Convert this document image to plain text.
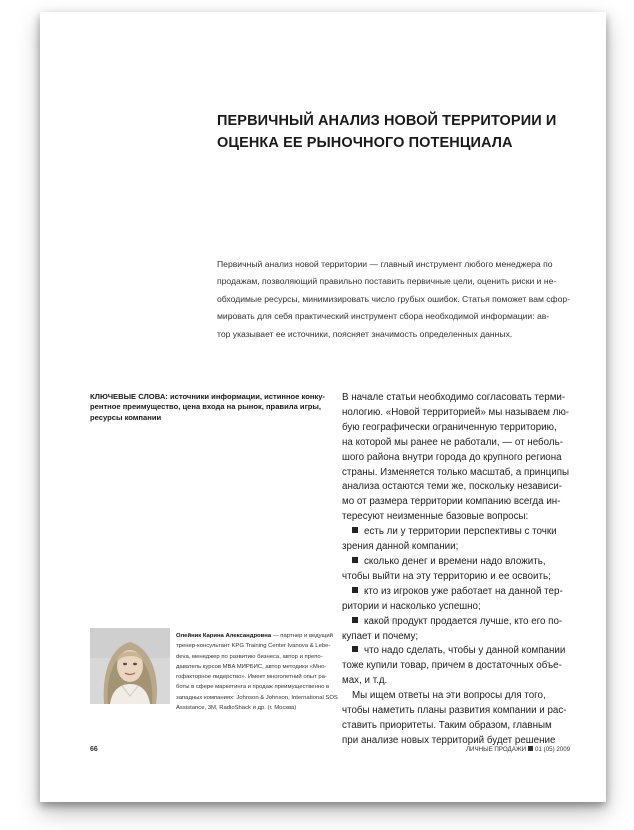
ПЕРВИЧНЫЙ АНАЛИЗ НОВОЙ ТЕРРИТОРИИ И
ОЦЕНКА ЕЕ РЫНОЧНОГО ПОТЕНЦИАЛА
Первичный анализ новой территории — главный инструмент любого менеджера по
продажам, позволяющий правильно поставить первичные цели, оценить риски и не-
обходимые ресурсы, минимизировать число грубых ошибок. Статья поможет вам сфор-
мировать для себя практический инструмент сбора необходимой информации: ав-
тор указывает ее источники, поясняет значимость определенных данных.
КЛЮЧЕВЫЕ СЛОВА: источники информации, истинное конку-
рентное преимущество, цена входа на рынок, правила игры,
ресурсы компании
В начале статьи необходимо согласовать терми-
нологию. «Новой территорией» мы называем лю-
бую географически ограниченную территорию,
на которой мы ранее не работали, — от неболь-
шого района внутри города до крупного региона
страны. Изменяется только масштаб, а принципы
анализа остаются теми же, поскольку независи-
мо от размера территории компанию всегда ин-
тересуют неизменные базовые вопросы:
есть ли у территории перспективы с точки
зрения данной компании;
сколько денег и времени надо вложить,
чтобы выйти на эту территорию и ее освоить;
кто из игроков уже работает на данной тер-
ритории и насколько успешно;
какой продукт продается лучше, кто его по-
купает и почему;
что надо сделать, чтобы у данной компании
тоже купили товар, причем в достаточных объе-
мах, и т.д.
Мы ищем ответы на эти вопросы для того,
чтобы наметить планы развития компании и рас-
ставить приоритеты. Таким образом, главным
при анализе новых территорий будет решение
Олейник Карина Александровна — партнер и ведущий
тренер-консультант KPG Training Center Ivanova & Lebe-
deva, менеджер по развитию бизнеса, автор и препо-
даватель курсов MBA МИРБИС, автор методики «Мно-
гофакторное лидерство». Имеет многолетний опыт ра-
боты в сфере маркетинга и продаж преимущественно в
западных компаниях: Johnson & Johnson, International SOS
Assistance, 3M, RadioShack и др. (г. Москва)
66	ЛИЧНЫЕ ПРОДАЖИ 01 (05) 2009
